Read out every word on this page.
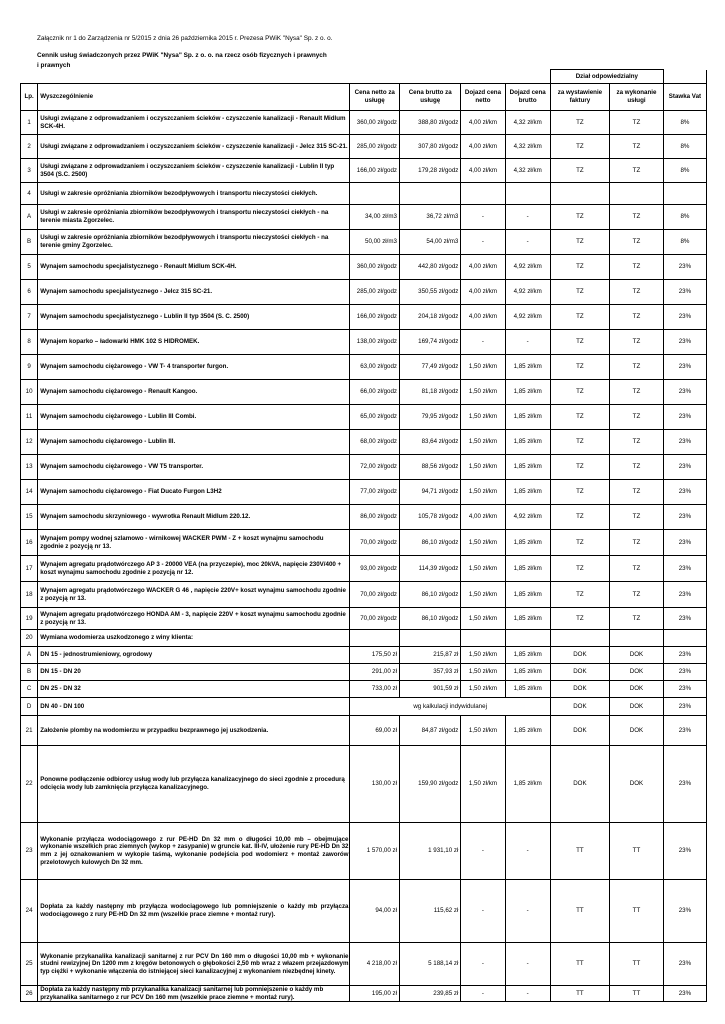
Załącznik nr 1 do Zarządzenia nr 5/2015 z dnia 26 października 2015 r. Prezesa PWiK "Nysa" Sp. z o. o.
Cennik usług świadczonych przez PWiK "Nysa" Sp. z o. o. na rzecz osób fizycznych i prawnych
i prawnych
						Dział odpowiedzialny		
Lp.	Wyszczególnienie	Cena netto za usługę	Cena brutto za usługę	Dojazd cena netto	Dojazd cena brutto	za wystawienie faktury	za wykonanie usługi	Stawka Vat
1	Usługi związane z odprowadzaniem i oczyszczaniem ścieków - czyszczenie kanalizacji - Renault Midlum SCK-4H.	360,00 zł/godz	388,80 zł/godz	4,00 zł/km	4,32 zł/km	TZ	TZ	8%
2	Usługi związane z odprowadzaniem i oczyszczaniem ścieków - czyszczenie kanalizacji - Jelcz 315 SC-21.	285,00 zł/godz	307,80 zł/godz	4,00 zł/km	4,32 zł/km	TZ	TZ	8%
3	Usługi związane z odprowadzaniem i oczyszczaniem ścieków - czyszczenie kanalizacji - Lublin II typ 3504 (S.C. 2500)	166,00 zł/godz	179,28 zł/godz	4,00 zł/km	4,32 zł/km	TZ	TZ	8%
4	Usługi w zakresie opróżniania zbiorników bezodpływowych i transportu nieczystości ciekłych.							
A	Usługi w zakresie opróżniania zbiorników bezodpływowych i transportu nieczystości ciekłych - na terenie miasta Zgorzelec.	34,00 zł/m3	36,72 zł/m3	-	-	TZ	TZ	8%
B	Usługi w zakresie opróżniania zbiorników bezodpływowych i transportu nieczystości ciekłych - na terenie gminy Zgorzelec.	50,00 zł/m3	54,00 zł/m3	-	-	TZ	TZ	8%
5	Wynajem samochodu specjalistycznego - Renault Midlum SCK-4H.	360,00 zł/godz	442,80 zł/godz	4,00 zł/km	4,92 zł/km	TZ	TZ	23%
6	Wynajem samochodu specjalistycznego - Jelcz 315 SC-21.	285,00 zł/godz	350,55 zł/godz	4,00 zł/km	4,92 zł/km	TZ	TZ	23%
7	Wynajem samochodu specjalistycznego - Lublin II typ 3504 (S. C. 2500)	166,00 zł/godz	204,18 zł/godz	4,00 zł/km	4,92 zł/km	TZ	TZ	23%
8	Wynajem koparko – ładowarki HMK 102 S HIDROMEK.	138,00 zł/godz	169,74 zł/godz	-	-	TZ	TZ	23%
9	Wynajem samochodu ciężarowego - VW T- 4 transporter furgon.	63,00 zł/godz	77,49 zł/godz	1,50 zł/km	1,85 zł/km	TZ	TZ	23%
10	Wynajem samochodu ciężarowego - Renault Kangoo.	66,00 zł/godz	81,18 zł/godz	1,50 zł/km	1,85 zł/km	TZ	TZ	23%
11	Wynajem samochodu ciężarowego - Lublin III Combi.	65,00 zł/godz	79,95 zł/godz	1,50 zł/km	1,85 zł/km	TZ	TZ	23%
12	Wynajem samochodu ciężarowego - Lublin III.	68,00 zł/godz	83,64 zł/godz	1,50 zł/km	1,85 zł/km	TZ	TZ	23%
13	Wynajem samochodu ciężarowego - VW T5 transporter.	72,00 zł/godz	88,56 zł/godz	1,50 zł/km	1,85 zł/km	TZ	TZ	23%
14	Wynajem samochodu ciężarowego - Fiat Ducato Furgon L3H2	77,00 zł/godz	94,71 zł/godz	1,50 zł/km	1,85 zł/km	TZ	TZ	23%
15	Wynajem samochodu skrzyniowego - wywrotka Renault Midlum 220.12.	86,00 zł/godz	105,78 zł/godz	4,00 zł/km	4,92 zł/km	TZ	TZ	23%
16	Wynajem pompy wodnej szlamowo - wirnikowej WACKER PWM - Z + koszt wynajmu samochodu zgodnie z pozycją nr 13.	70,00 zł/godz	86,10 zł/godz	1,50 zł/km	1,85 zł/km	TZ	TZ	23%
17	Wynajem agregatu prądotwórczego AP 3 - 20000 VEA (na przyczepie), moc 20kVA, napięcie 230V/400 + koszt wynajmu samochodu zgodnie z pozycją nr 12.	93,00 zł/godz	114,39 zł/godz	1,50 zł/km	1,85 zł/km	TZ	TZ	23%
18	Wynajem agregatu prądotwórczego WACKER G 46 , napięcie 220V+ koszt wynajmu samochodu zgodnie z pozycją nr 13.	70,00 zł/godz	86,10 zł/godz	1,50 zł/km	1,85 zł/km	TZ	TZ	23%
19	Wynajem agregatu prądotwórczego HONDA AM - 3, napięcie 220V + koszt wynajmu samochodu zgodnie z pozycją nr 13.	70,00 zł/godz	86,10 zł/godz	1,50 zł/km	1,85 zł/km	TZ	TZ	23%
20	Wymiana wodomierza uszkodzonego z winy klienta:							
A	DN 15 - jednostrumieniowy, ogrodowy	175,50 zł	215,87 zł	1,50 zł/km	1,85 zł/km	DOK	DOK	23%
B	DN 15 - DN 20	291,00 zł	357,93 zł	1,50 zł/km	1,85 zł/km	DOK	DOK	23%
C	DN 25 - DN 32	733,00 zł	901,59 zł	1,50 zł/km	1,85 zł/km	DOK	DOK	23%
D	DN 40 - DN 100	wg kalkulacji indywidulanej				DOK	DOK	23%
21	Założenie plomby na wodomierzu w przypadku bezprawnego jej uszkodzenia.	69,00 zł	84,87 zł/godz	1,50 zł/km	1,85 zł/km	DOK	DOK	23%
22	Ponowne podłączenie odbiorcy usług wody lub przyłącza kanalizacyjnego do sieci zgodnie z procedurą odcięcia wody lub zamknięcia przyłącza kanalizacyjnego.	130,00 zł	159,90 zł/godz	1,50 zł/km	1,85 zł/km	DOK	DOK	23%
23	Wykonanie przyłącza wodociągowego z rur PE-HD Dn 32 mm o długości 10,00 mb – obejmujące wykonanie wszelkich prac ziemnych (wykop + zasypanie) w gruncie kat. III-IV, ułożenie rury PE-HD Dn 32 mm z jej oznakowaniem w wykopie taśmą, wykonanie podejścia pod wodomierz + montaż zaworów przelotowych kulowych Dn 32 mm.	1 570,00 zł	1 931,10 zł	-	-	TT	TT	23%
24	Dopłata za każdy następny mb przyłącza wodociągowego lub pomniejszenie o każdy mb przyłącza wodociągowego z rury PE-HD Dn 32 mm (wszelkie prace ziemne + montaż rury).	94,00 zł	115,62 zł	-	-	TT	TT	23%
25	Wykonanie przykanalika kanalizacji sanitarnej z rur PCV Dn 160 mm o długości 10,00 mb + wykonanie studni rewizyjnej Dn 1200 mm z kręgów betonowych o głębokości 2,50 mb wraz z włazem przejazdowym typ ciężki + wykonanie włączenia do istniejącej sieci kanalizacyjnej z wykonaniem niezbędnej kinety.	4 218,00 zł	5 188,14 zł	-	-	TT	TT	23%
26	Dopłata za każdy następny mb przykanalika kanalizacji sanitarnej lub pomniejszenie o każdy mb przykanalika sanitarnego z rur PCV Dn 160 mm (wszelkie prace ziemne + montaż rury).	195,00 zł	239,85 zł	-	-	TT	TT	23%
